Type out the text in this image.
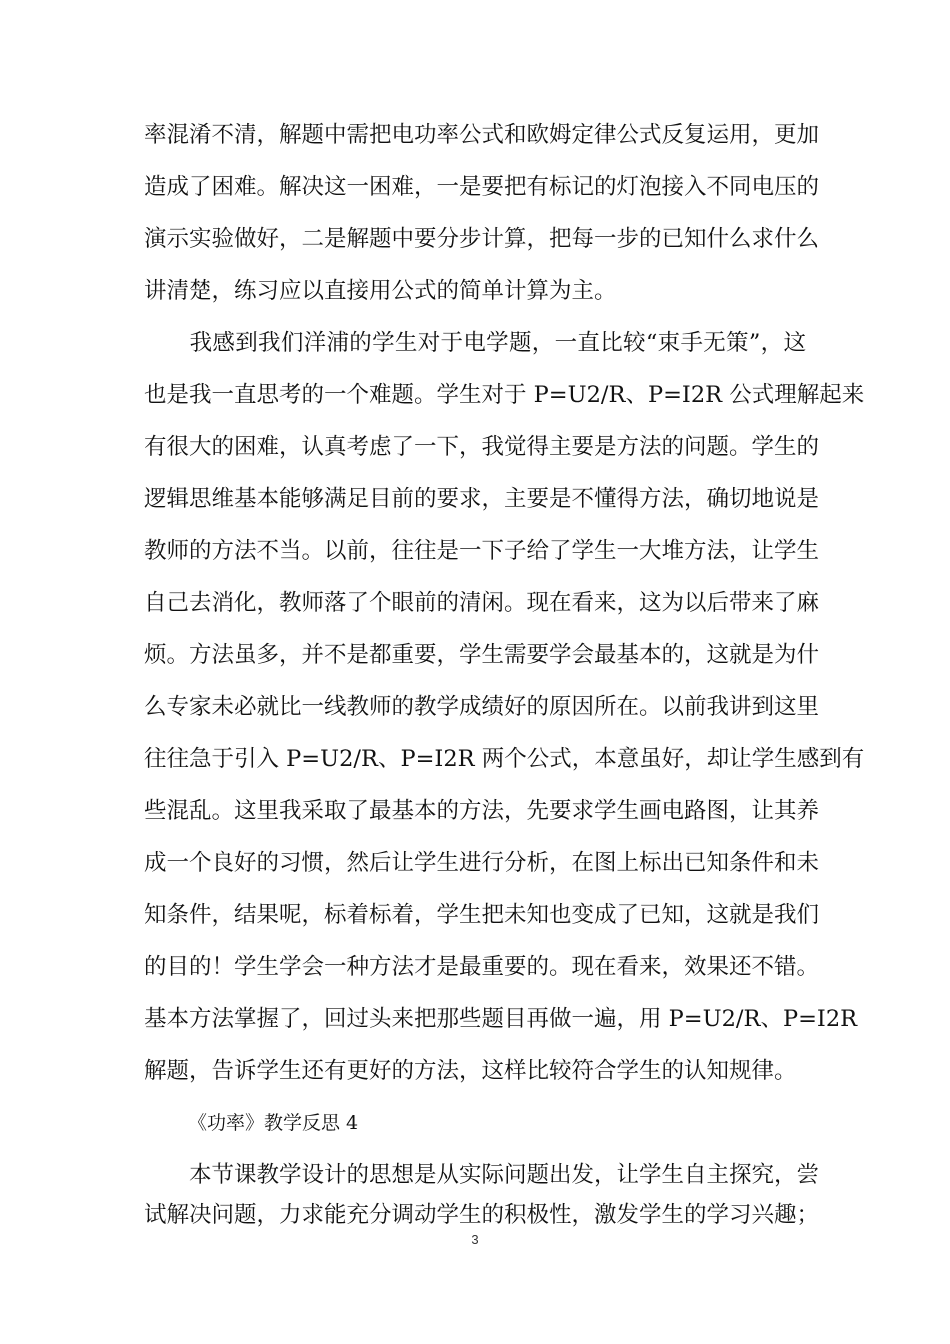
率混淆不清，解题中需把电功率公式和欧姆定律公式反复运用，更加
造成了困难。解决这一困难，一是要把有标记的灯泡接入不同电压的
演示实验做好，二是解题中要分步计算，把每一步的已知什么求什么
讲清楚，练习应以直接用公式的简单计算为主。
　　我感到我们洋浦的学生对于电学题，一直比较“束手无策”，这
也是我一直思考的一个难题。学生对于 P=U2/R、P=I2R 公式理解起来
有很大的困难，认真考虑了一下，我觉得主要是方法的问题。学生的
逻辑思维基本能够满足目前的要求，主要是不懂得方法，确切地说是
教师的方法不当。以前，往往是一下子给了学生一大堆方法，让学生
自己去消化，教师落了个眼前的清闲。现在看来，这为以后带来了麻
烦。方法虽多，并不是都重要，学生需要学会最基本的，这就是为什
么专家未必就比一线教师的教学成绩好的原因所在。以前我讲到这里
往往急于引入 P=U2/R、P=I2R 两个公式，本意虽好，却让学生感到有
些混乱。这里我采取了最基本的方法，先要求学生画电路图，让其养
成一个良好的习惯，然后让学生进行分析，在图上标出已知条件和未
知条件，结果呢，标着标着，学生把未知也变成了已知，这就是我们
的目的！学生学会一种方法才是最重要的。现在看来，效果还不错。
基本方法掌握了，回过头来把那些题目再做一遍，用 P=U2/R、P=I2R
解题，告诉学生还有更好的方法，这样比较符合学生的认知规律。
《功率》教学反思 4
　　本节课教学设计的思想是从实际问题出发，让学生自主探究，尝
试解决问题，力求能充分调动学生的积极性，激发学生的学习兴趣；
3
